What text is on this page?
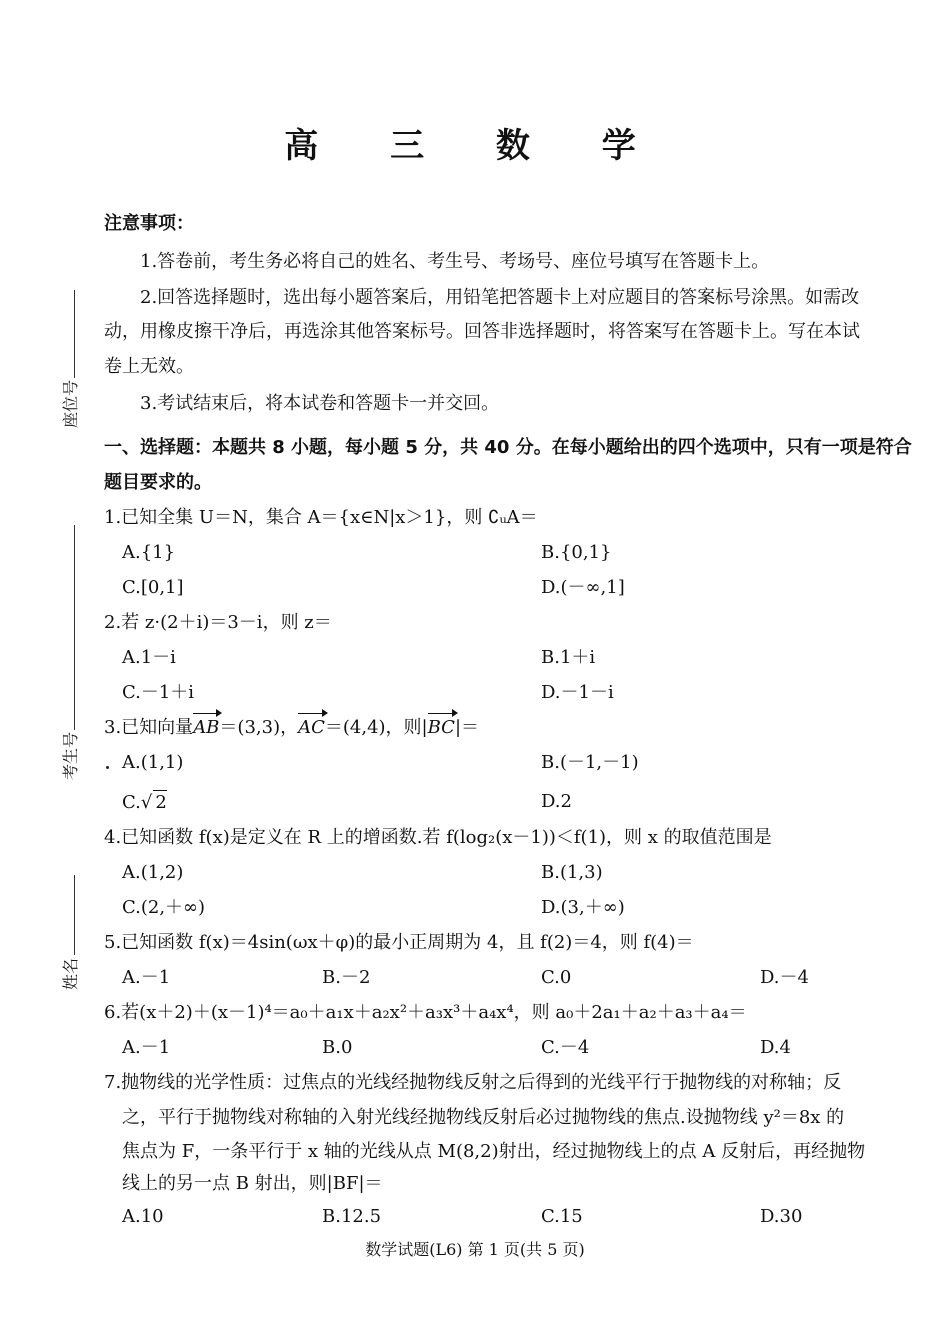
高 三 数 学
注意事项：
1.答卷前，考生务必将自己的姓名、考生号、考场号、座位号填写在答题卡上。
2.回答选择题时，选出每小题答案后，用铅笔把答题卡上对应题目的答案标号涂黑。如需改
动，用橡皮擦干净后，再选涂其他答案标号。回答非选择题时，将答案写在答题卡上。写在本试
卷上无效。
3.考试结束后，将本试卷和答题卡一并交回。
一、选择题：本题共 8 小题，每小题 5 分，共 40 分。在每小题给出的四个选项中，只有一项是符合
题目要求的。
1.已知全集 U＝N，集合 A＝{x∈N|x＞1}，则 ∁ᵤA＝
A.{1}	B.{0,1}
C.[0,1]	D.(－∞,1]
2.若 z·(2＋i)＝3－i，则 z＝
A.1－i	B.1＋i
C.－1＋i	D.－1－i
3.已知向量AB＝(3,3)，AC＝(4,4)，则|BC|＝
A.(1,1)	B.(－1,－1)
C.√ 2	D.2
4.已知函数 f(x)是定义在 R 上的增函数.若 f(log₂(x－1))＜f(1)，则 x 的取值范围是
A.(1,2)	B.(1,3)
C.(2,＋∞)	D.(3,＋∞)
5.已知函数 f(x)＝4sin(ωx＋φ)的最小正周期为 4，且 f(2)＝4，则 f(4)＝
A.－1	B.－2	C.0	D.－4
6.若(x＋2)＋(x－1)⁴＝a₀＋a₁x＋a₂x²＋a₃x³＋a₄x⁴，则 a₀＋2a₁＋a₂＋a₃＋a₄＝
A.－1	B.0	C.－4	D.4
7.抛物线的光学性质：过焦点的光线经抛物线反射之后得到的光线平行于抛物线的对称轴；反
之，平行于抛物线对称轴的入射光线经抛物线反射后必过抛物线的焦点.设抛物线 y²＝8x 的
焦点为 F，一条平行于 x 轴的光线从点 M(8,2)射出，经过抛物线上的点 A 反射后，再经抛物
线上的另一点 B 射出，则|BF|＝
A.10	B.12.5	C.15	D.30
数学试题(L6) 第 1 页(共 5 页)
座位号
考生号
姓名
